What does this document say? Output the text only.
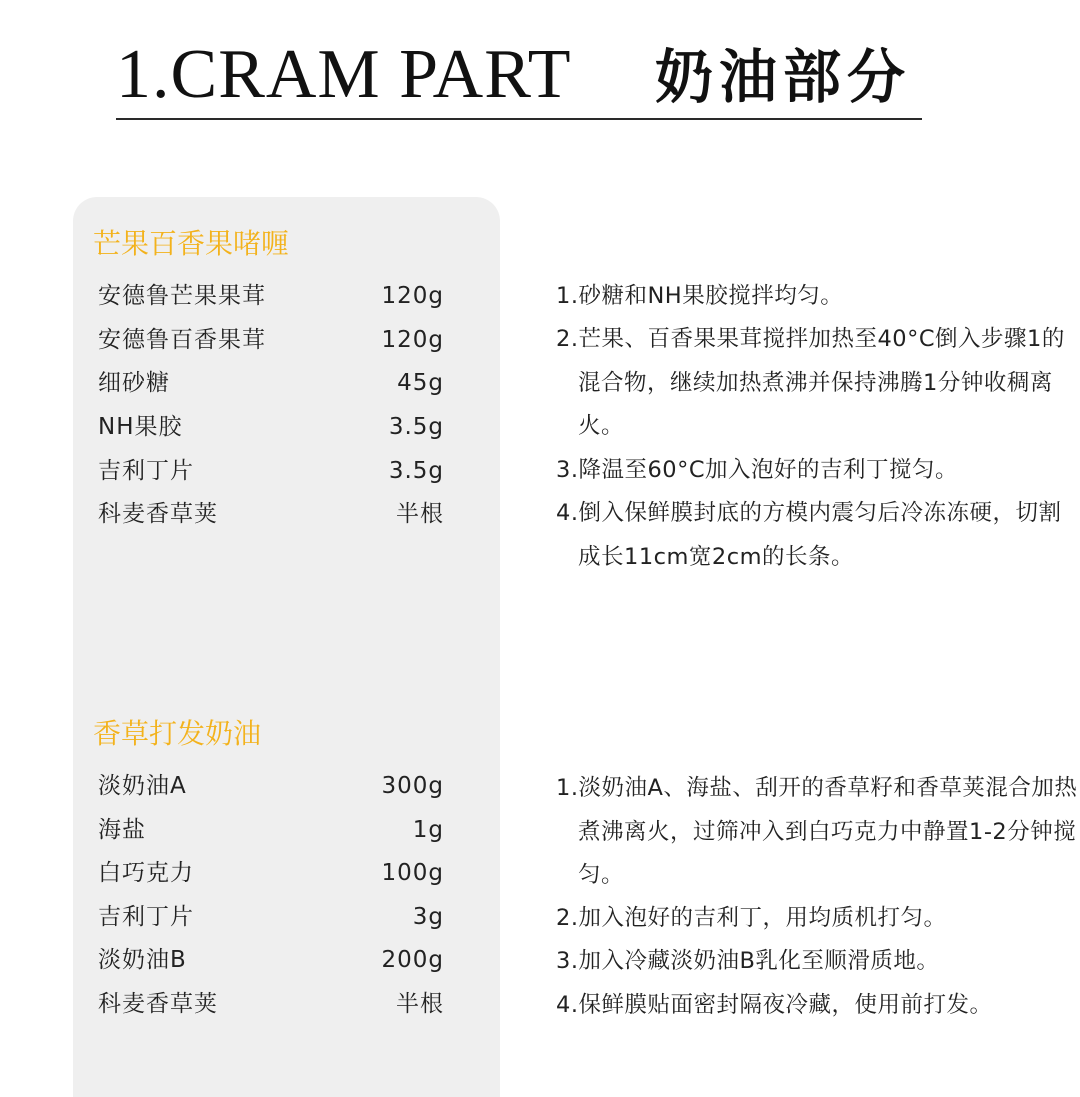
1.CRAM PART 奶油部分
芒果百香果啫喱
安德鲁芒果果茸	120g
安德鲁百香果茸	120g
细砂糖	45g
NH果胶	3.5g
吉利丁片	3.5g
科麦香草荚	半根
1.砂糖和NH果胶搅拌均匀。
2.芒果、百香果果茸搅拌加热至40°C倒入步骤1的混合物，继续加热煮沸并保持沸腾1分钟收稠离火。
3.降温至60°C加入泡好的吉利丁搅匀。
4.倒入保鲜膜封底的方模内震匀后冷冻冻硬，切割成长11cm宽2cm的长条。
香草打发奶油
淡奶油A	300g
海盐	1g
白巧克力	100g
吉利丁片	3g
淡奶油B	200g
科麦香草荚	半根
1.淡奶油A、海盐、刮开的香草籽和香草荚混合加热煮沸离火，过筛冲入到白巧克力中静置1-2分钟搅匀。
2.加入泡好的吉利丁，用均质机打匀。
3.加入冷藏淡奶油B乳化至顺滑质地。
4.保鲜膜贴面密封隔夜冷藏，使用前打发。
